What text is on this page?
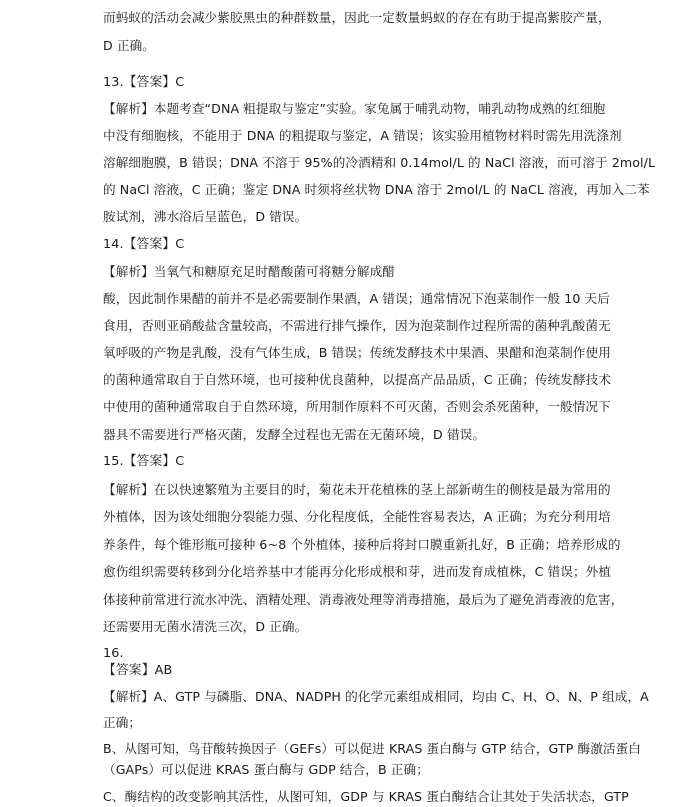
而蚂蚁的活动会减少紫胶黑虫的种群数量，因此一定数量蚂蚁的存在有助于提高紫胶产量，
D 正确。
13.【答案】C
【解析】本题考查“DNA 粗提取与鉴定”实验。家兔属于哺乳动物，哺乳动物成熟的红细胞
中没有细胞核，不能用于 DNA 的粗提取与鉴定，A 错误；该实验用植物材料时需先用洗涤剂
溶解细胞膜，B 错误；DNA 不溶于 95%的冷酒精和 0.14mol/L 的 NaCl 溶液，而可溶于 2mol/L
的 NaCl 溶液，C 正确；鉴定 DNA 时须将丝状物 DNA 溶于 2mol/L 的 NaCL 溶液，再加入二苯
胺试剂，沸水浴后呈蓝色，D 错误。
14.【答案】C
【解析】当氧气和糖原充足时醋酸菌可将糖分解成醋
酸，因此制作果醋的前并不是必需要制作果酒，A 错误；通常情况下泡菜制作一般 10 天后
食用，否则亚硝酸盐含量较高，不需进行排气操作，因为泡菜制作过程所需的菌种乳酸菌无
氧呼吸的产物是乳酸，没有气体生成，B 错误；传统发酵技术中果酒、果醋和泡菜制作使用
的菌种通常取自于自然环境，也可接种优良菌种，以提高产品品质，C 正确；传统发酵技术
中使用的菌种通常取自于自然环境，所用制作原料不可灭菌，否则会杀死菌种，一般情况下
器具不需要进行严格灭菌，发酵全过程也无需在无菌环境，D 错误。
15.【答案】C
【解析】在以快速繁殖为主要目的时，菊花未开花植株的茎上部新萌生的侧枝是最为常用的
外植体，因为该处细胞分裂能力强、分化程度低，全能性容易表达，A 正确；为充分利用培
养条件，每个锥形瓶可接种 6~8 个外植体，接种后将封口膜重新扎好，B 正确；培养形成的
愈伤组织需要转移到分化培养基中才能再分化形成根和芽，进而发育成植株，C 错误；外植
体接种前常进行流水冲洗、酒精处理、消毒液处理等消毒措施，最后为了避免消毒液的危害，
还需要用无菌水清洗三次，D 正确。
16.
【答案】AB
【解析】A、GTP 与磷脂、DNA、NADPH 的化学元素组成相同，均由 C、H、O、N、P 组成，A
正确；
B、从图可知，鸟苷酸转换因子（GEFs）可以促进 KRAS 蛋白酶与 GTP 结合，GTP 酶激活蛋白
（GAPs）可以促进 KRAS 蛋白酶与 GDP 结合，B 正确；
C、酶结构的改变影响其活性，从图可知，GDP 与 KRAS 蛋白酶结合让其处于失活状态，GTP
